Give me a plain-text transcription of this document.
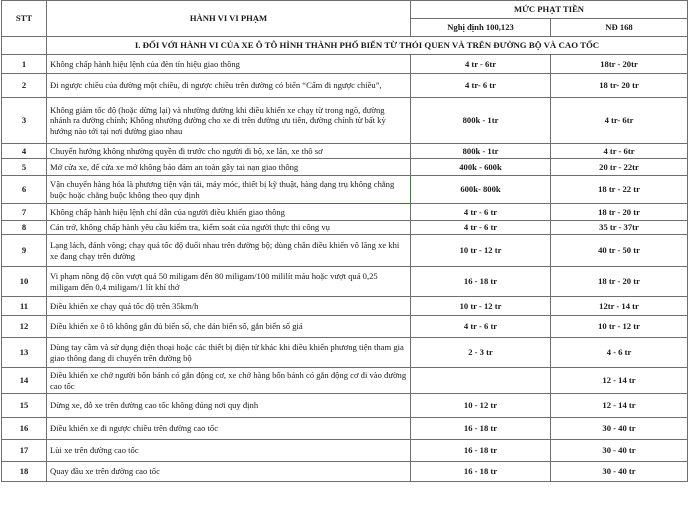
STT	HÀNH VI VI PHẠM	MỨC PHẠT TIỀN	
		Nghị định 100,123	NĐ 168
	I. ĐỐI VỚI HÀNH VI CỦA XE Ô TÔ HÌNH THÀNH PHỐ BIẾN TỪ THÓI QUEN VÀ TRÊN ĐƯỜNG BỘ VÀ CAO TỐC		
1	Không chấp hành hiệu lệnh của đèn tín hiệu giao thông	4 tr - 6tr	18tr - 20tr
2	Đi ngược chiều của đường một chiều, đi ngược chiều trên đường có biển “Cấm đi ngược chiều”,	4 tr- 6 tr	18 tr- 20 tr
3	Không giảm tốc độ (hoặc dừng lại) và nhường đường khi điều khiển xe chạy từ trong ngõ, đường nhánh ra đường chính; Không nhường đường cho xe đi trên đường ưu tiên, đường chính từ bất kỳ hướng nào tới tại nơi đường giao nhau	800k - 1tr	4 tr- 6tr
4	Chuyển hướng không nhường quyền đi trước cho người đi bộ, xe lăn, xe thô sơ	800k - 1tr	4 tr - 6tr
5	Mở cửa xe, để cửa xe mở không bảo đảm an toàn gây tai nạn giao thông	400k - 600k	20 tr - 22tr
6	Vận chuyển hàng hóa là phương tiện vận tải, máy móc, thiết bị kỹ thuật, hàng dạng trụ không chằng buộc hoặc chằng buộc không theo quy định	600k- 800k	18 tr - 22 tr
7	Không chấp hành hiệu lệnh chỉ dẫn của người điều khiển giao thông	4 tr - 6 tr	18 tr - 20 tr
8	Cản trở, không chấp hành yêu cầu kiểm tra, kiểm soát của người thực thi công vụ	4 tr - 6 tr	35 tr - 37tr
9	Lạng lách, đánh võng; chạy quá tốc độ đuổi nhau trên đường bộ; dùng chân điều khiển vô lăng xe khi xe đang chạy trên đường	10 tr - 12 tr	40 tr - 50 tr
10	Vi phạm nồng độ cồn vượt quá 50 miligam đến 80 miligam/100 mililít máu hoặc vượt quá 0,25 miligam đến 0,4 miligam/1 lít khí thở	16 - 18 tr	18 tr - 20 tr
11	Điều khiển xe chạy quá tốc độ trên 35km/h	10 tr - 12 tr	12tr - 14 tr
12	Điều khiển xe ô tô không gắn đủ biển số, che dán biển số, gắn biển số giả	4 tr - 6 tr	10 tr - 12 tr
13	Dùng tay cầm và sử dụng điện thoại hoặc các thiết bị điện tử khác khi điều khiển phương tiện tham gia giao thông đang di chuyển trên đường bộ	2 - 3 tr	4 - 6 tr
14	Điều khiển xe chở người bốn bánh có gắn động cơ, xe chở hàng bốn bánh có gắn động cơ đi vào đường cao tốc		12 - 14 tr
15	Dừng xe, đỗ xe trên đường cao tốc không đúng nơi quy định	10 - 12 tr	12 - 14 tr
16	Điều khiển xe đi ngược chiều trên đường cao tốc	16 - 18 tr	30 - 40 tr
17	Lùi xe trên đường cao tốc	16 - 18 tr	30 - 40 tr
18	Quay đầu xe trên đường cao tốc	16 - 18 tr	30 - 40 tr
